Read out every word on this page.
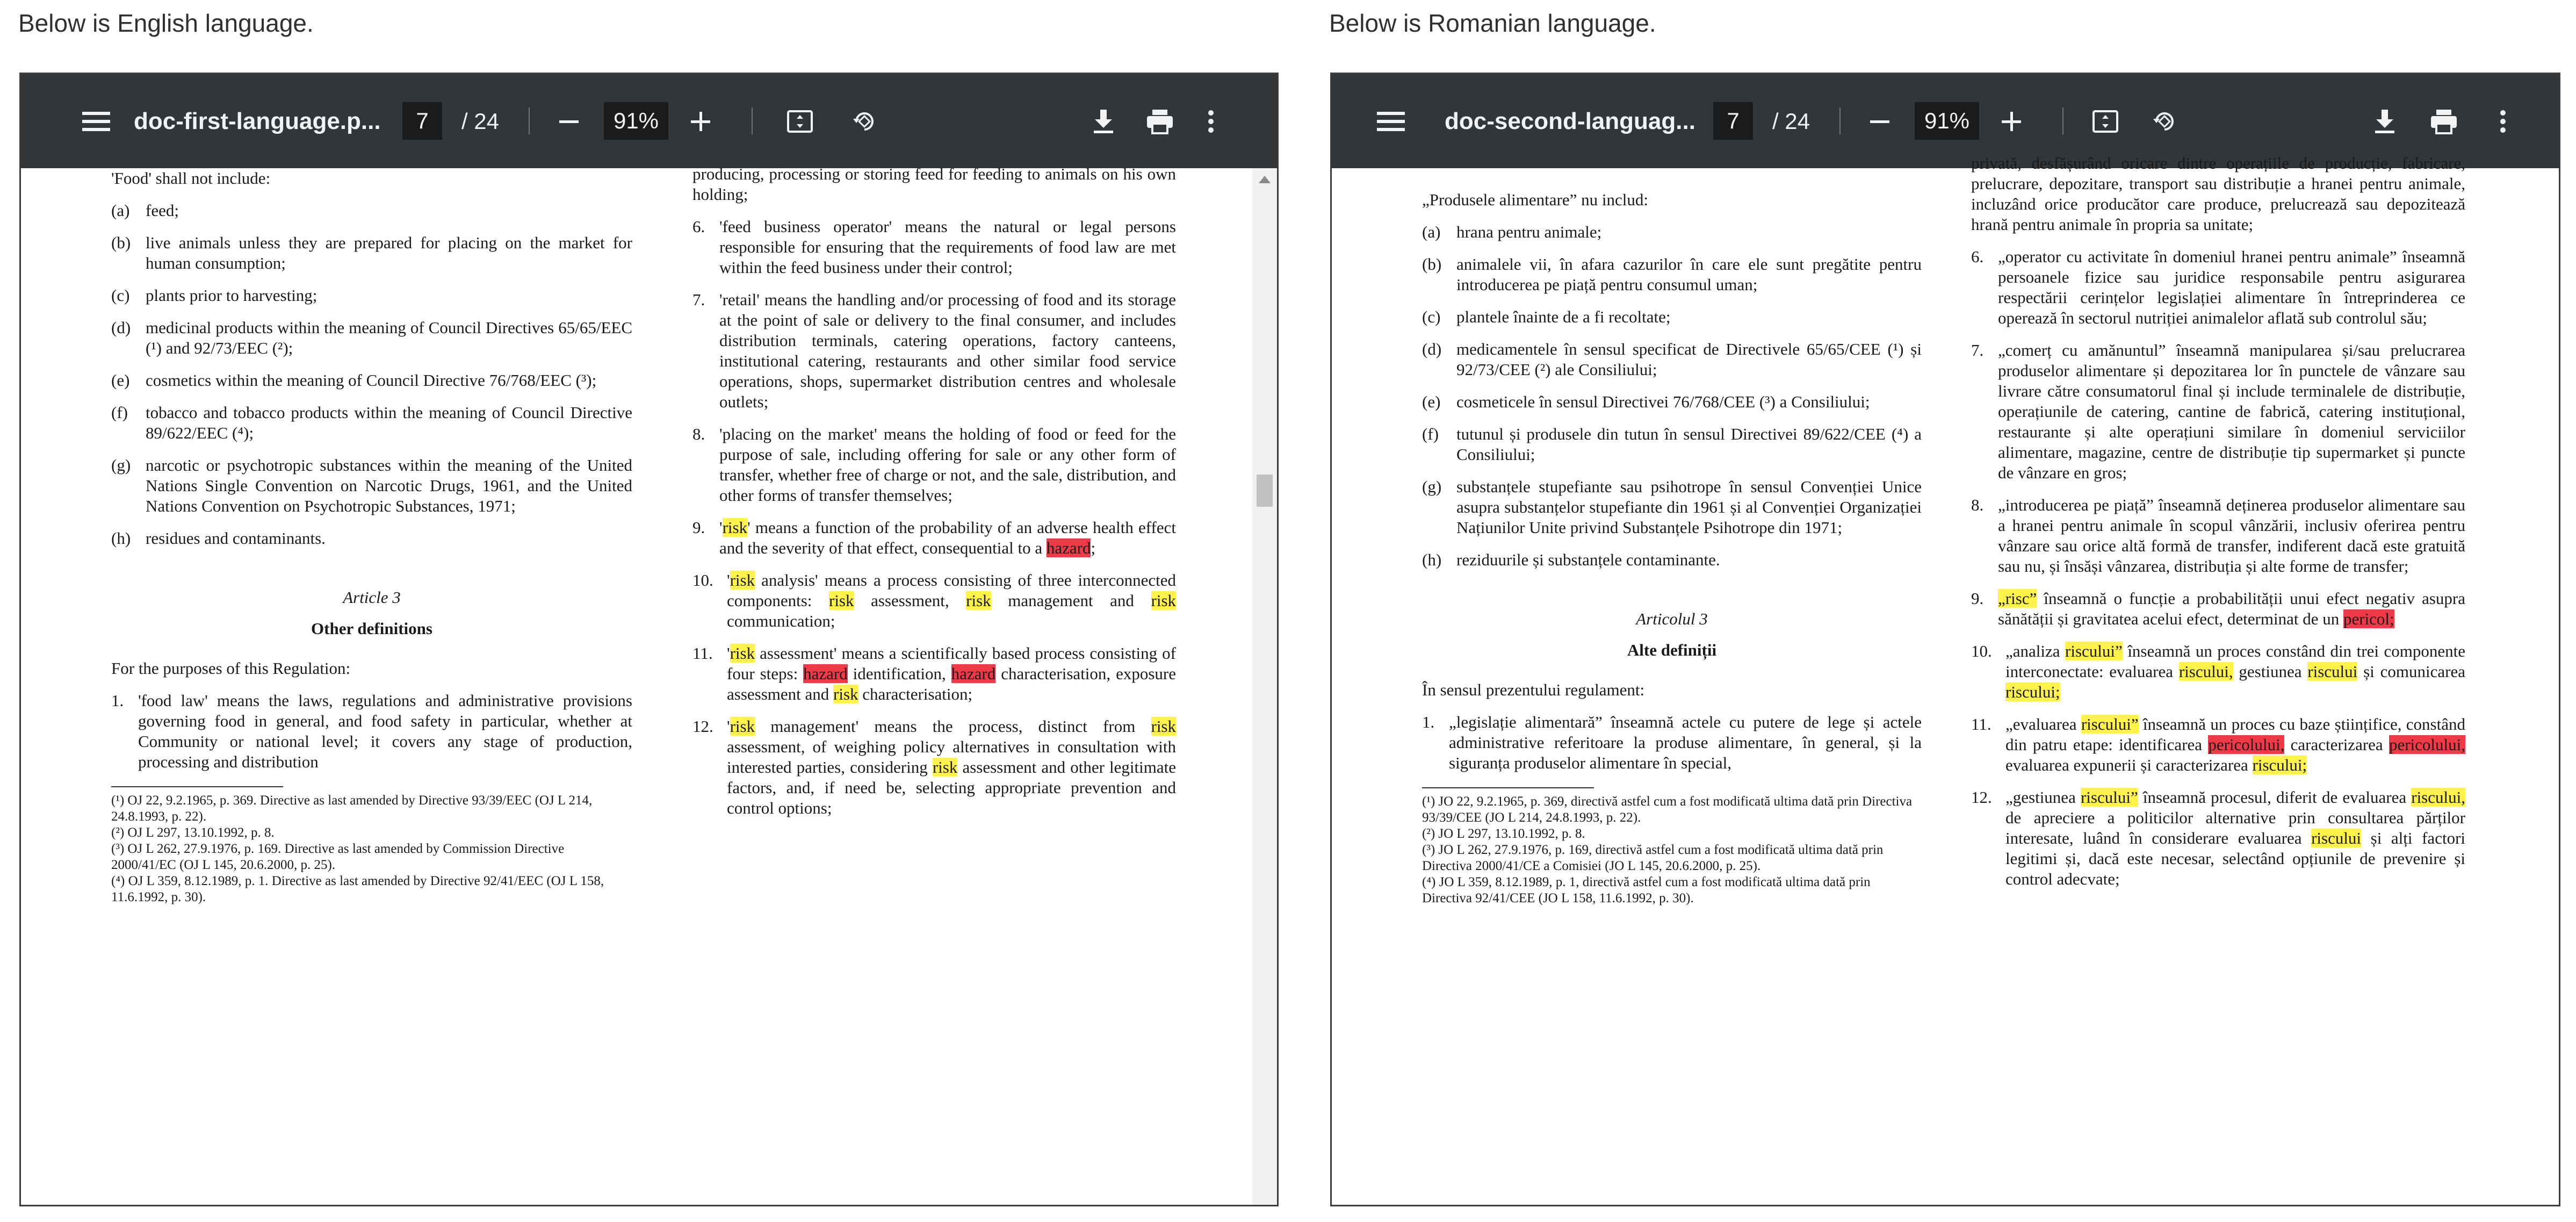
Below is English language.	Below is Romanian language.
doc-first-language.p...	7	/ 24	91%
'Food' shall not include:
(a) feed;
(b) live animals unless they are prepared for placing on the market for human consumption;
(c) plants prior to harvesting;
(d) medicinal products within the meaning of Council Directives 65/65/EEC (¹) and 92/73/EEC (²);
(e) cosmetics within the meaning of Council Directive 76/768/EEC (³);
(f)	tobacco and tobacco products within the meaning of Council Directive 89/622/EEC (⁴);
(g) narcotic or psychotropic substances within the meaning of the United Nations Single Convention on Narcotic Drugs, 1961, and the United Nations Convention on Psychotropic Substances, 1971;
(h) residues and contaminants.
Article 3
Other definitions
For the purposes of this Regulation:
1. 'food law' means the laws, regulations and administrative provisions governing food in general, and food safety in particular, whether at Community or national level; it covers any stage of production, processing and distribution
(¹) OJ 22, 9.2.1965, p. 369. Directive as last amended by Directive 93/39/EEC (OJ L 214, 24.8.1993, p. 22).
(²) OJ L 297, 13.10.1992, p. 8.
(³) OJ L 262, 27.9.1976, p. 169. Directive as last amended by Commission Directive 2000/41/EC (OJ L 145, 20.6.2000, p. 25).
(⁴) OJ L 359, 8.12.1989, p. 1. Directive as last amended by Directive 92/41/EEC (OJ L 158, 11.6.1992, p. 30).
producing, processing or storing feed for feeding to animals on his own holding;
6. 'feed business operator' means the natural or legal persons responsible for ensuring that the requirements of food law are met within the feed business under their control;
7. 'retail' means the handling and/or processing of food and its storage at the point of sale or delivery to the final consumer, and includes distribution terminals, catering operations, factory canteens, institutional catering, restaurants and other similar food service operations, shops, supermarket distribution centres and wholesale outlets;
8. 'placing on the market' means the holding of food or feed for the purpose of sale, including offering for sale or any other form of transfer, whether free of charge or not, and the sale, distribution, and other forms of transfer themselves;
9. 'risk' means a function of the probability of an adverse health effect and the severity of that effect, consequential to a hazard;
10. 'risk analysis' means a process consisting of three interconnected components: risk assessment, risk management and risk communication;
11. 'risk assessment' means a scientifically based process consisting of four steps: hazard identification, hazard characterisation, exposure assessment and risk characterisation;
12. 'risk management' means the process, distinct from risk assessment, of weighing policy alternatives in consultation with interested parties, considering risk assessment and other legitimate factors, and, if need be, selecting appropriate prevention and control options;
doc-second-languag...	7	/ 24	91%
„Produsele alimentare” nu includ:
(a) hrana pentru animale;
(b) animalele vii, în afara cazurilor în care ele sunt pregătite pentru introducerea pe piață pentru consumul uman;
(c) plantele înainte de a fi recoltate;
(d) medicamentele în sensul specificat de Directivele 65/65/CEE (¹) și 92/73/CEE (²) ale Consiliului;
(e) cosmeticele în sensul Directivei 76/768/CEE (³) a Consiliului;
(f)	tutunul și produsele din tutun în sensul Directivei 89/622/CEE (⁴) a Consiliului;
(g) substanțele stupefiante sau psihotrope în sensul Convenției Unice asupra substanțelor stupefiante din 1961 și al Convenției Organizației Națiunilor Unite privind Substanțele Psihotrope din 1971;
(h) reziduurile și substanțele contaminante.
Articolul 3
Alte definiții
În sensul prezentului regulament:
1. „legislație alimentară” înseamnă actele cu putere de lege și actele administrative referitoare la produse alimentare, în general, și la siguranța produselor alimentare în special,
(¹) JO 22, 9.2.1965, p. 369, directivă astfel cum a fost modificată ultima dată prin Directiva 93/39/CEE (JO L 214, 24.8.1993, p. 22).
(²) JO L 297, 13.10.1992, p. 8.
(³) JO L 262, 27.9.1976, p. 169, directivă astfel cum a fost modificată ultima dată prin Directiva 2000/41/CE a Comisiei (JO L 145, 20.6.2000, p. 25).
(⁴) JO L 359, 8.12.1989, p. 1, directivă astfel cum a fost modificată ultima dată prin Directiva 92/41/CEE (JO L 158, 11.6.1992, p. 30).
privată, desfășurând oricare dintre operațiile de producție, fabricare, prelucrare, depozitare, transport sau distribuție a hranei pentru animale, incluzând orice producător care produce, prelucrează sau depozitează hrană pentru animale în propria sa unitate;
6. „operator cu activitate în domeniul hranei pentru animale” înseamnă persoanele fizice sau juridice responsabile pentru asigurarea respectării cerințelor legislației alimentare în întreprinderea ce operează în sectorul nutriției animalelor aflată sub controlul său;
7. „comerț cu amănuntul” înseamnă manipularea și/sau prelucrarea produselor alimentare și depozitarea lor în punctele de vânzare sau livrare către consumatorul final și include terminalele de distribuție, operațiunile de catering, cantine de fabrică, catering instituțional, restaurante și alte operațiuni similare în domeniul serviciilor alimentare, magazine, centre de distribuție tip supermarket și puncte de vânzare en gros;
8. „introducerea pe piață” înseamnă deținerea produselor alimentare sau a hranei pentru animale în scopul vânzării, inclusiv oferirea pentru vânzare sau orice altă formă de transfer, indiferent dacă este gratuită sau nu, și însăși vânzarea, distribuția și alte forme de transfer;
9. „risc” înseamnă o funcție a probabilității unui efect negativ asupra sănătății și gravitatea acelui efect, determinat de un pericol;
10. „analiza riscului” înseamnă un proces constând din trei componente interconectate: evaluarea riscului, gestiunea riscului și comunicarea riscului;
11. „evaluarea riscului” înseamnă un proces cu baze științifice, constând din patru etape: identificarea pericolului, caracterizarea pericolului, evaluarea expunerii și caracterizarea riscului;
12. „gestiunea riscului” înseamnă procesul, diferit de evaluarea riscului, de apreciere a politicilor alternative prin consultarea părților interesate, luând în considerare evaluarea riscului și alți factori legitimi și, dacă este necesar, selectând opțiunile de prevenire și control adecvate;
